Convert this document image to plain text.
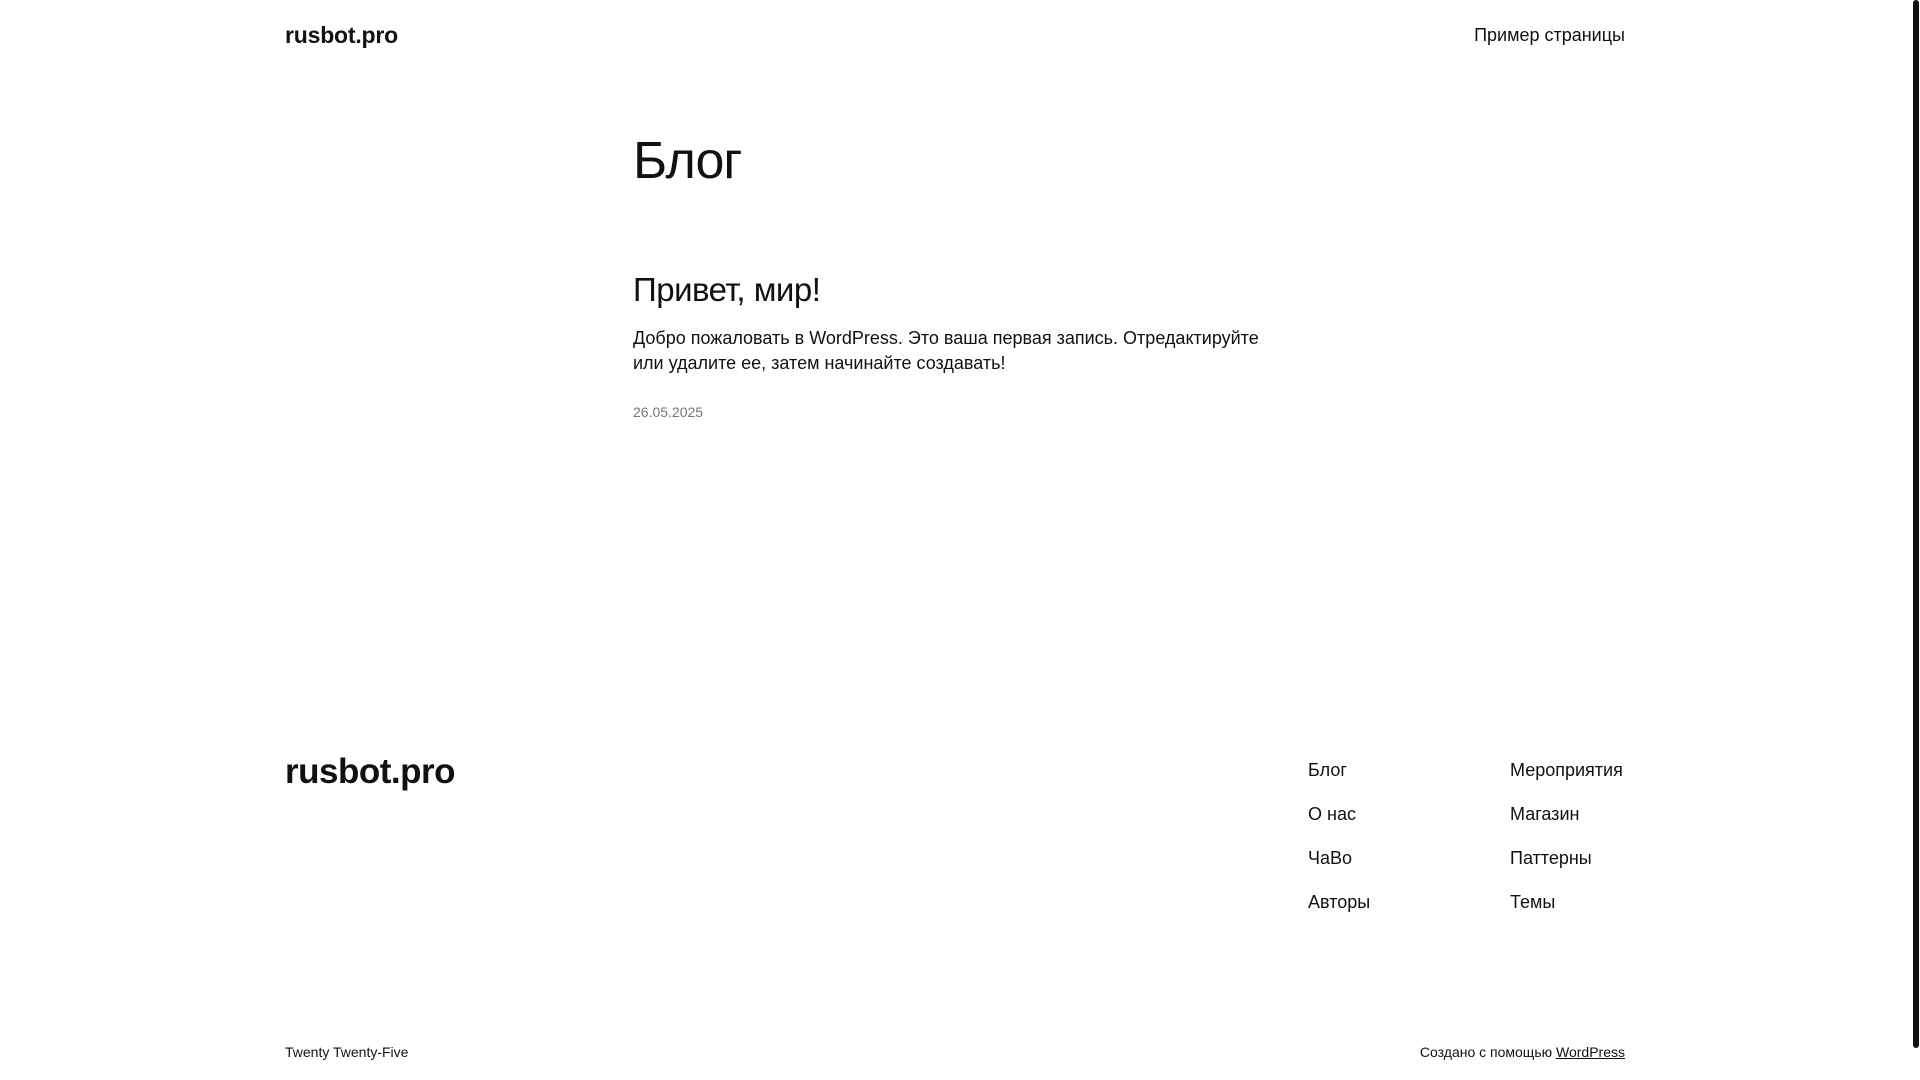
rusbot.pro	Пример страницы
Блог
Привет, мир!

Добро пожаловать в WordPress. Это ваша первая запись. Отредактируйте или удалите ее, затем начинайте создавать!

26.05.2025
rusbot.pro	Блог
О нас
ЧаВо
Авторы
Мероприятия
Магазин
Паттерны
Темы
Twenty Twenty-Five	Создано с помощью WordPress
